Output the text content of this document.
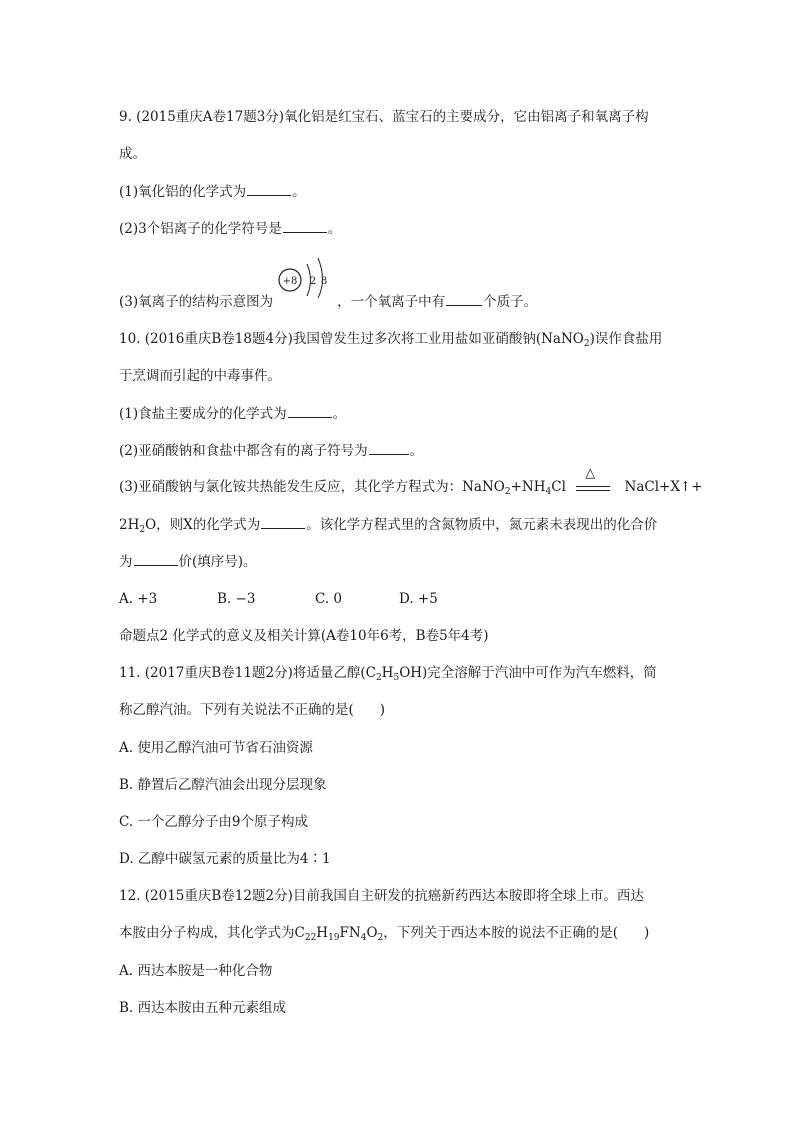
9. (2015重庆A卷17题3分)氧化铝是红宝石、蓝宝石的主要成分，它由铝离子和氧离子构
成。
(1)氧化铝的化学式为	。
(2)3个铝离子的化学符号是	。
+8 2 8
(3)氧离子的结构示意图为	，一个氧离子中有	个质子。
10. (2016重庆B卷18题4分)我国曾发生过多次将工业用盐如亚硝酸钠(NaNO$_2$)误作食盐用
于烹调而引起的中毒事件。
(1)食盐主要成分的化学式为	。
(2)亚硝酸钠和食盐中都含有的离子符号为	。
(3)亚硝酸钠与氯化铵共热能发生反应，其化学方程式为：$NaNO_2+NH_4Cl$
△
NaCl+X↑+
$2H_2O$，则X的化学式为	。该化学方程式里的含氮物质中，氮元素未表现出的化合价
为	价(填序号)。
A. +3	B. −3	C. 0	D. +5
命题点2 化学式的意义及相关计算(A卷10年6考，B卷5年4考)
11. (2017重庆B卷11题2分)将适量乙醇$(C_2H_5OH)$完全溶解于汽油中可作为汽车燃料，简
称乙醇汽油。下列有关说法不正确的是( )
A. 使用乙醇汽油可节省石油资源
B. 静置后乙醇汽油会出现分层现象
C. 一个乙醇分子由9个原子构成
D. 乙醇中碳氢元素的质量比为4∶1
12. (2015重庆B卷12题2分)目前我国自主研发的抗癌新药西达本胺即将全球上市。西达
本胺由分子构成，其化学式为$C_{22}H_{19}FN_4O_2$，下列关于西达本胺的说法不正确的是( )
A. 西达本胺是一种化合物
B. 西达本胺由五种元素组成
